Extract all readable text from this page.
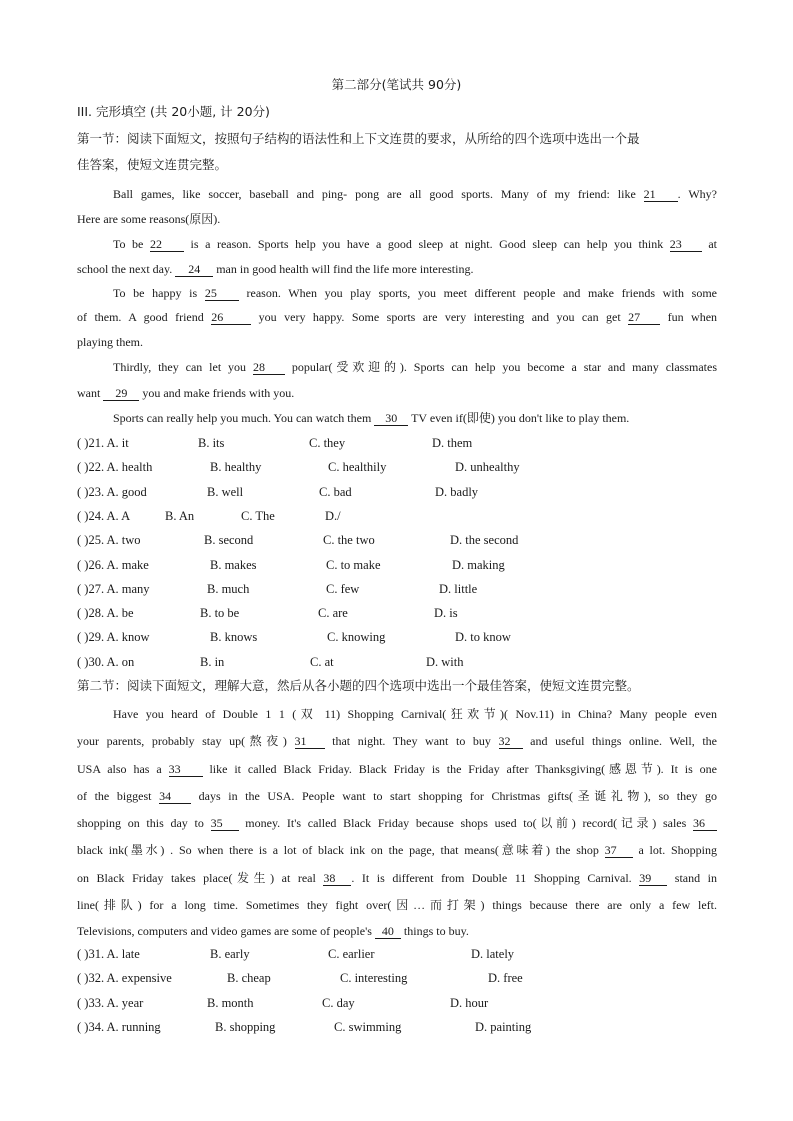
第二部分(笔试共 90分)
III. 完形填空 (共 20小题, 计 20分)
第一节：阅读下面短文，按照句子结构的语法性和上下文连贯的要求，从所给的四个选项中选出一个最
佳答案，使短文连贯完整。
Ball games, like soccer, baseball and ping- pong are all good sports. Many of my friend: like 21 . Why?
Here are some reasons(原因).
To be 22 is a reason. Sports help you have a good sleep at night. Good sleep can help you think 23 at
school the next day. 24 man in good health will find the life more interesting.
To be happy is 25 reason. When you play sports, you meet different people and make friends with some
of them. A good friend 26	you very happy. Some sports are very interesting and you can get 27 fun when
playing them.
Thirdly, they can let you 28 popular(受欢迎的). Sports can help you become a star and many classmates
want 29 you and make friends with you.
Sports can really help you much. You can watch them 30 TV even if(即使) you don't like to play them.
( )21. A. it	B. its	C. they	D. them
( )22. A. health	B. healthy	C. healthily	D. unhealthy
( )23. A. good	B. well	C. bad	D. badly
( )24. A. A	B. An	C. The	D./
( )25. A. two	B. second	C. the two	D. the second
( )26. A. make	B. makes	C. to make	D. making
( )27. A. many	B. much	C. few	D. little
( )28. A. be	B. to be	C. are	D. is
( )29. A. know	B. knows	C. knowing	D. to know
( )30. A. on	B. in	C. at	D. with
第二节：阅读下面短文，理解大意，然后从各小题的四个选项中选出一个最佳答案，使短文连贯完整。
Have you heard of Double 1 1 (双 11) Shopping Carnival(狂欢节)( Nov.11) in China? Many people even
your parents, probably stay up(熬夜) 31 that night. They want to buy 32 and useful things online. Well, the
USA also has a 33 like it called Black Friday. Black Friday is the Friday after Thanksgiving(感恩节). It is one
of the biggest 34 days in the USA. People want to start shopping for Christmas gifts(圣诞礼物), so they go
shopping on this day to 35 money. It's called Black Friday because shops used to(以前) record(记录) sales 36
black ink(墨水) . So when there is a lot of black ink on the page, that means(意味着) the shop 37 a lot. Shopping
on Black Friday takes place(发生) at real 38 . It is different from Double 11 Shopping Carnival. 39 stand in
line(排队) for a long time. Sometimes they fight over(因…而打架) things because there are only a few left.
Televisions, computers and video games are some of people's 40 things to buy.
( )31. A. late	B. early	C. earlier	D. lately
( )32. A. expensive	B. cheap	C. interesting	D. free
( )33. A. year	B. month	C. day	D. hour
( )34. A. running	B. shopping	C. swimming	D. painting
